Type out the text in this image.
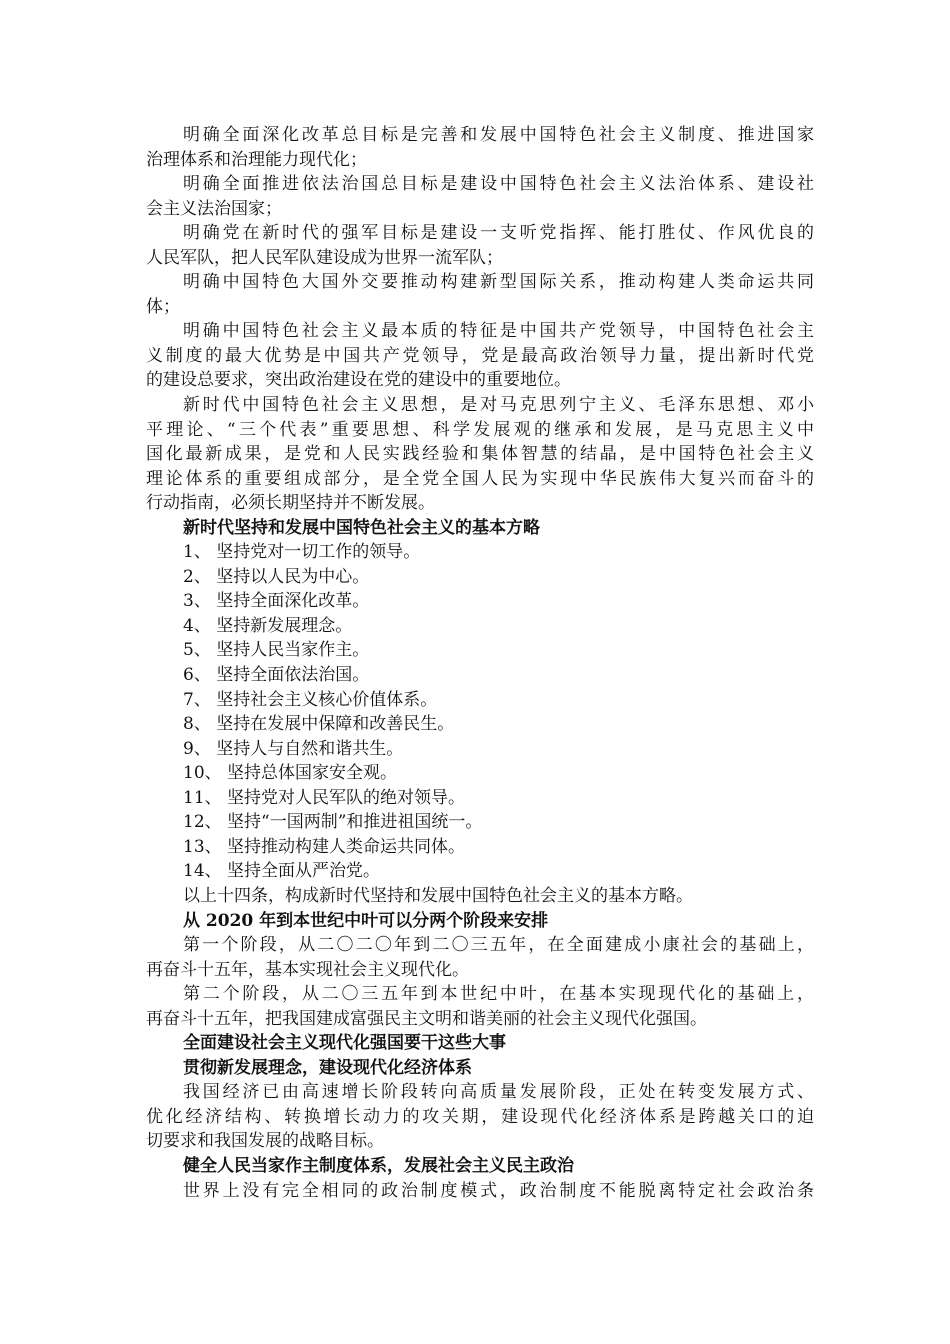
明确全面深化改革总目标是完善和发展中国特色社会主义制度、推进国家
治理体系和治理能力现代化；
明确全面推进依法治国总目标是建设中国特色社会主义法治体系、建设社
会主义法治国家；
明确党在新时代的强军目标是建设一支听党指挥、能打胜仗、作风优良的
人民军队，把人民军队建设成为世界一流军队；
明确中国特色大国外交要推动构建新型国际关系，推动构建人类命运共同
体；
明确中国特色社会主义最本质的特征是中国共产党领导，中国特色社会主
义制度的最大优势是中国共产党领导，党是最高政治领导力量，提出新时代党
的建设总要求，突出政治建设在党的建设中的重要地位。
新时代中国特色社会主义思想，是对马克思列宁主义、毛泽东思想、邓小
平理论、“三个代表”重要思想、科学发展观的继承和发展，是马克思主义中
国化最新成果，是党和人民实践经验和集体智慧的结晶，是中国特色社会主义
理论体系的重要组成部分，是全党全国人民为实现中华民族伟大复兴而奋斗的
行动指南，必须长期坚持并不断发展。
新时代坚持和发展中国特色社会主义的基本方略
1、 坚持党对一切工作的领导。
2、 坚持以人民为中心。
3、 坚持全面深化改革。
4、 坚持新发展理念。
5、 坚持人民当家作主。
6、 坚持全面依法治国。
7、 坚持社会主义核心价值体系。
8、 坚持在发展中保障和改善民生。
9、 坚持人与自然和谐共生。
10、 坚持总体国家安全观。
11、 坚持党对人民军队的绝对领导。
12、 坚持“一国两制”和推进祖国统一。
13、 坚持推动构建人类命运共同体。
14、 坚持全面从严治党。
以上十四条，构成新时代坚持和发展中国特色社会主义的基本方略。
从 2020 年到本世纪中叶可以分两个阶段来安排
第一个阶段，从二〇二〇年到二〇三五年，在全面建成小康社会的基础上，
再奋斗十五年，基本实现社会主义现代化。
第二个阶段，从二〇三五年到本世纪中叶，在基本实现现代化的基础上，
再奋斗十五年，把我国建成富强民主文明和谐美丽的社会主义现代化强国。
全面建设社会主义现代化强国要干这些大事
贯彻新发展理念，建设现代化经济体系
我国经济已由高速增长阶段转向高质量发展阶段，正处在转变发展方式、
优化经济结构、转换增长动力的攻关期，建设现代化经济体系是跨越关口的迫
切要求和我国发展的战略目标。
健全人民当家作主制度体系，发展社会主义民主政治
世界上没有完全相同的政治制度模式，政治制度不能脱离特定社会政治条
